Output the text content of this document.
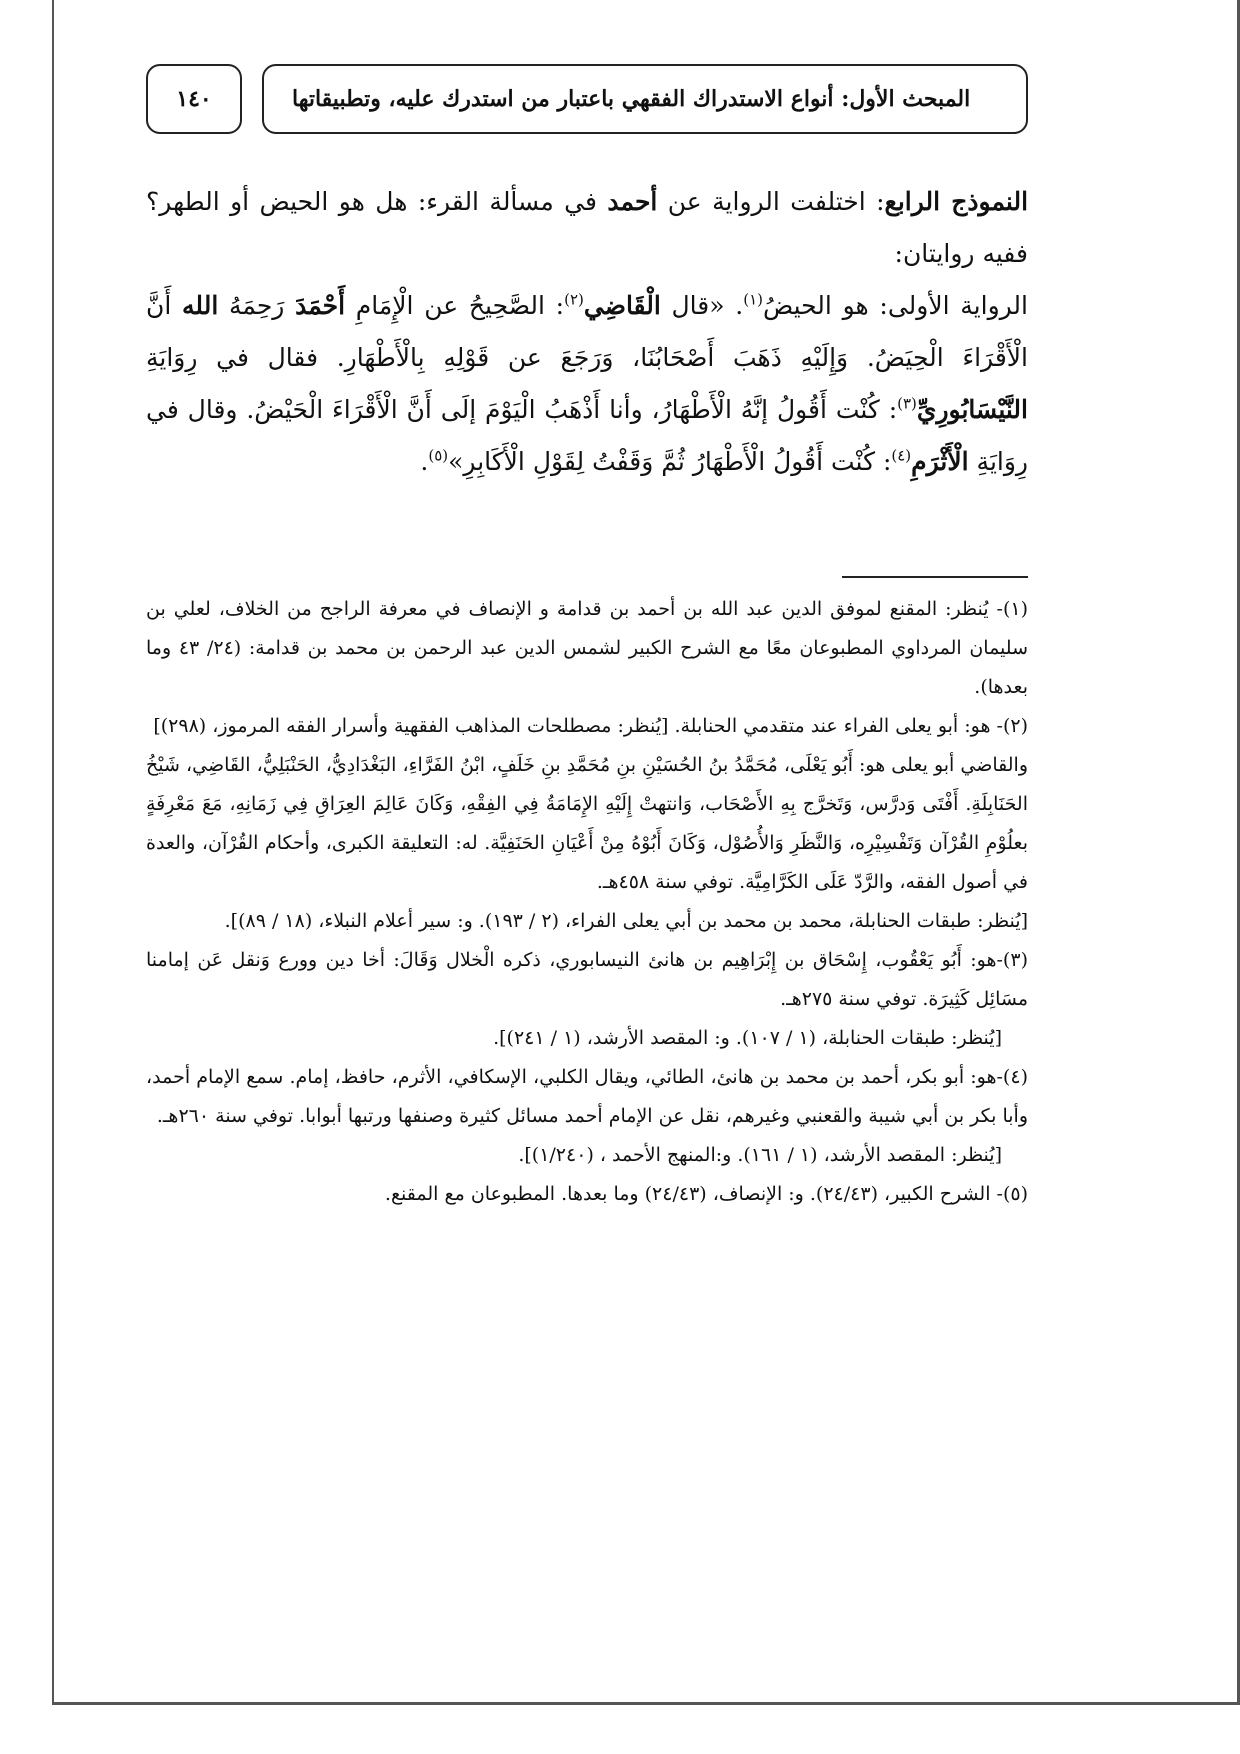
١٤٠	المبحث الأول: أنواع الاستدراك الفقهي باعتبار من استدرك عليه، وتطبيقاتها

النموذج الرابع: اختلفت الرواية عن أحمد في مسألة القرء: هل هو الحيض أو الطهر؟ ففيه روايتان:

الرواية الأولى: هو الحيضُ$^{(١)}$. «قال الْقَاضِي$^{(٢)}$: الصَّحِيحُ عن الْإِمَامِ أَحْمَدَ رَحِمَهُ الله أَنَّ الْأَقْرَاءَ الْحِيَضُ. وَإِلَيْهِ ذَهَبَ أَصْحَابُنَا، وَرَجَعَ عن قَوْلِهِ بِالْأَطْهَارِ. فقال في رِوَايَةِ النَّيْسَابُورِيِّ$^{(٣)}$: كُنْت أَقُولُ إنَّهُ الْأَطْهَارُ، وأنا أَذْهَبُ الْيَوْمَ إلَى أَنَّ الْأَقْرَاءَ الْحَيْضُ. وقال في رِوَايَةِ الْأَثْرَمِ$^{(٤)}$: كُنْت أَقُولُ الْأَطْهَارُ ثُمَّ وَقَفْتُ لِقَوْلِ الْأَكَابِرِ»$^{(٥)}$.

(١)- يُنظر: المقنع لموفق الدين عبد الله بن أحمد بن قدامة و الإنصاف في معرفة الراجح من الخلاف، لعلي بن سليمان المرداوي المطبوعان معًا مع الشرح الكبير لشمس الدين عبد الرحمن بن محمد بن قدامة: (٢٤/ ٤٣ وما بعدها).

(٢)- هو: أبو يعلى الفراء عند متقدمي الحنابلة. [يُنظر: مصطلحات المذاهب الفقهية وأسرار الفقه المرموز، (٢٩٨)]

والقاضي أبو يعلى هو: أَبُو يَعْلَى، مُحَمَّدُ بنُ الحُسَيْنِ بنِ مُحَمَّدِ بنِ خَلَفٍ، ابْنُ الفَرَّاءِ، البَغْدَادِيُّ، الحَنْبَلِيُّ، القَاضِي، شَيْخُ الحَنَابِلَةِ. أَفْتَى وَدرَّس، وَتَخرَّج بِهِ الأَصْحَاب، وَانتهتْ إِلَيْهِ الإِمَامَةُ فِي الفِقْهِ، وَكَانَ عَالِمَ العِرَاقِ فِي زَمَانِهِ، مَعَ مَعْرِفَةٍ بعلُوْمِ القُرْآن وَتَفْسِيْرِه، وَالنَّظَرِ وَالأُصُوْل، وَكَانَ أَبُوْهُ مِنْ أَعْيَانِ الحَنَفِيَّة. له: التعليقة الكبرى، وأحكام القُرْآن، والعدة في أصول الفقه، والرَّدّ عَلَى الكَرَّامِيَّة. توفي سنة ٤٥٨هـ.

[يُنظر: طبقات الحنابلة، محمد بن محمد بن أبي يعلى الفراء، (٢ / ١٩٣). و: سير أعلام النبلاء، (١٨ / ٨٩)].

(٣)-هو: أَبُو يَعْقُوب، إِسْحَاق بن إِبْرَاهِيم بن هانئ النيسابوري، ذكره الْخلال وَقَالَ: أخا دين وورع وَنقل عَن إمامنا مسَائِل كَثِيرَة. توفي سنة ٢٧٥هـ.

[يُنظر: طبقات الحنابلة، (١ / ١٠٧). و: المقصد الأرشد، (١ / ٢٤١)].

(٤)-هو: أبو بكر، أحمد بن محمد بن هانئ، الطائي، ويقال الكلبي، الإسكافي، الأثرم، حافظ، إمام. سمع الإمام أحمد، وأبا بكر بن أبي شيبة والقعنبي وغيرهم، نقل عن الإمام أحمد مسائل كثيرة وصنفها ورتبها أبوابا. توفي سنة ٢٦٠هـ.

[يُنظر: المقصد الأرشد، (١ / ١٦١). و:المنهج الأحمد ، (١/٢٤٠)].

(٥)- الشرح الكبير، (٢٤/٤٣). و: الإنصاف، (٢٤/٤٣) وما بعدها. المطبوعان مع المقنع.
